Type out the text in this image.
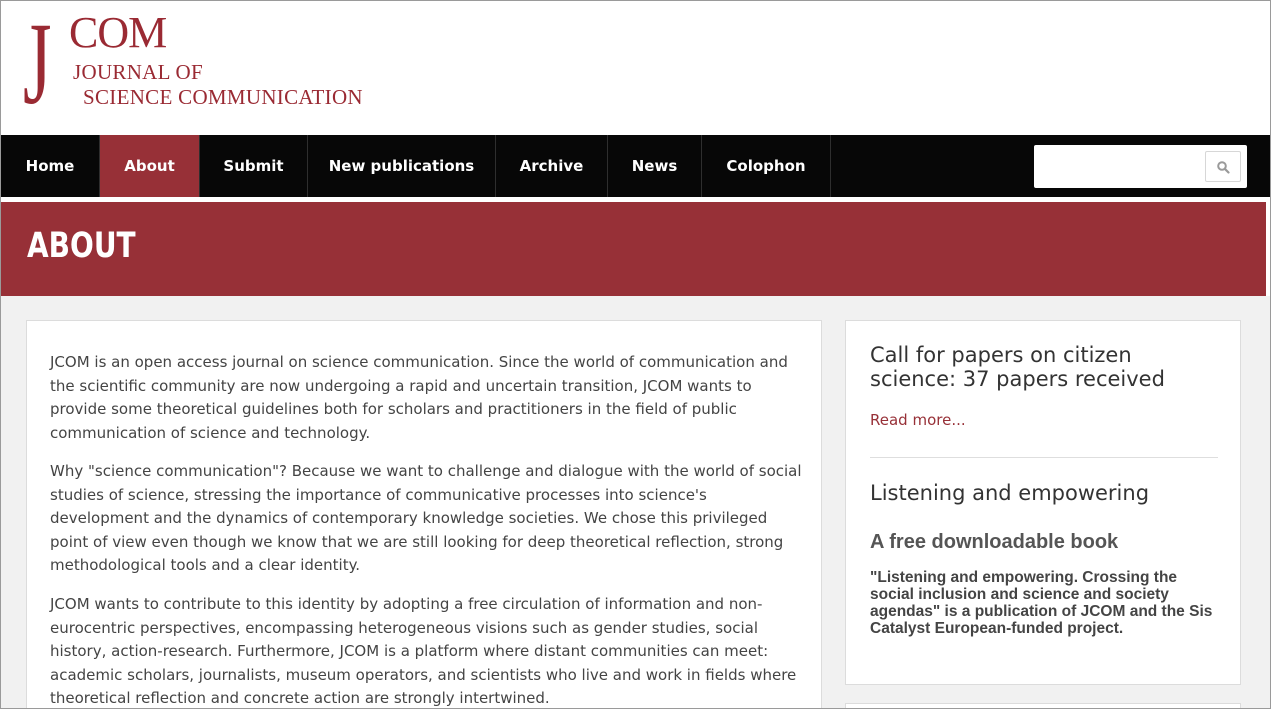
J COM
JOURNAL OF
SCIENCE COMMUNICATION
Home	About	Submit	New publications	Archive	News	Colophon
ABOUT

JCOM is an open access journal on science communication. Since the world of communication and the scientific community are now undergoing a rapid and uncertain transition, JCOM wants to provide some theoretical guidelines both for scholars and practitioners in the field of public communication of science and technology.

Why "science communication"? Because we want to challenge and dialogue with the world of social studies of science, stressing the importance of communicative processes into science's development and the dynamics of contemporary knowledge societies. We chose this privileged point of view even though we know that we are still looking for deep theoretical reflection, strong methodological tools and a clear identity.

JCOM wants to contribute to this identity by adopting a free circulation of information and non-eurocentric perspectives, encompassing heterogeneous visions such as gender studies, social history, action-research. Furthermore, JCOM is a platform where distant communities can meet: academic scholars, journalists, museum operators, and scientists who live and work in fields where theoretical reflection and concrete action are strongly intertwined.

Call for papers on citizen science: 37 papers received
Read more...
Listening and empowering
A free downloadable book
"Listening and empowering. Crossing the social inclusion and science and society agendas" is a publication of JCOM and the Sis Catalyst European-funded project.
